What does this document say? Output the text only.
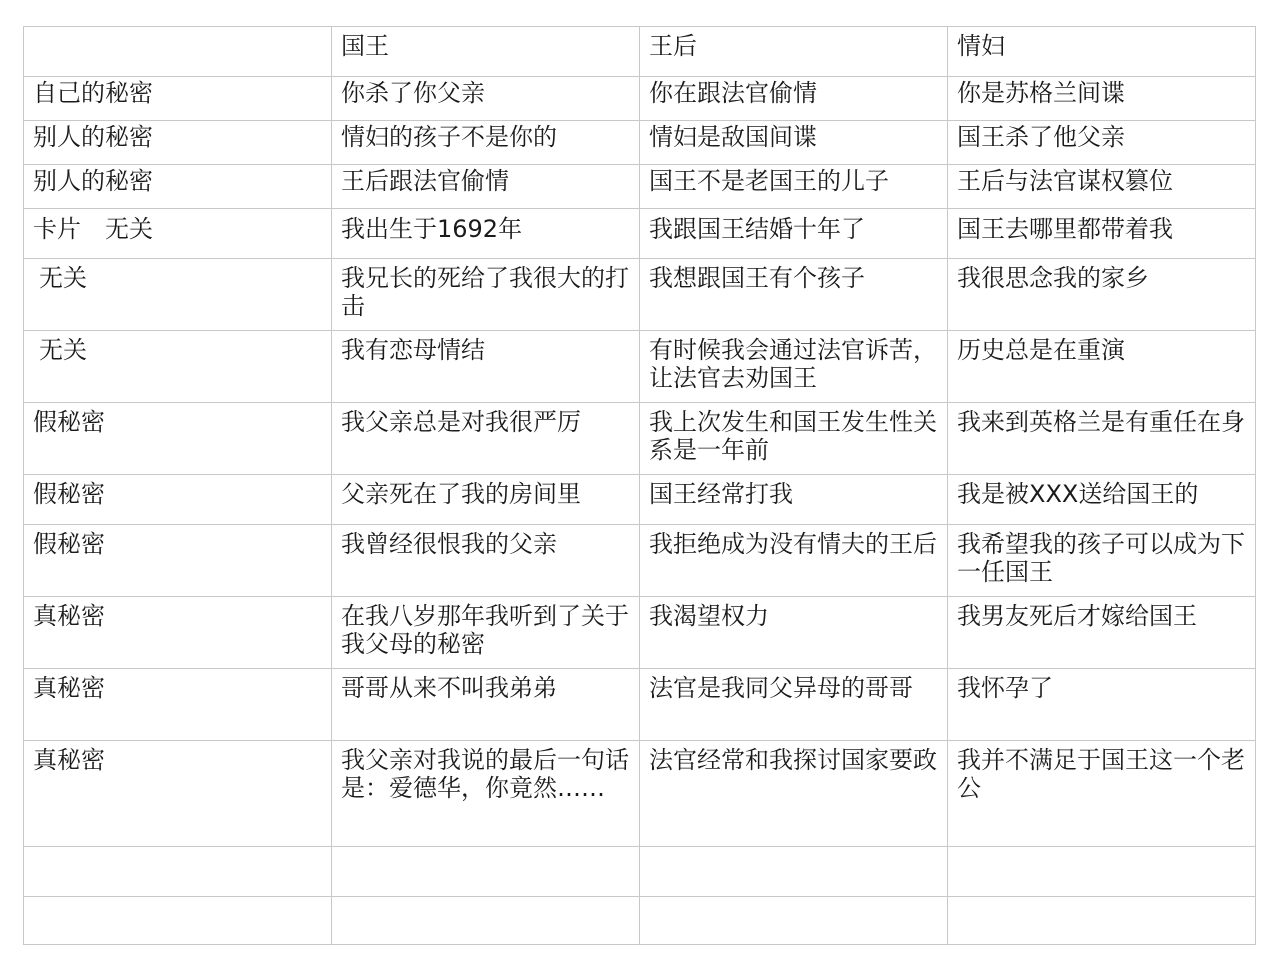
	国王	王后	情妇
自己的秘密	你杀了你父亲	你在跟法官偷情	你是苏格兰间谍
别人的秘密	情妇的孩子不是你的	情妇是敌国间谍	国王杀了他父亲
别人的秘密	王后跟法官偷情	国王不是老国王的儿子	王后与法官谋权篡位
卡片　无关	我出生于1692年	我跟国王结婚十年了	国王去哪里都带着我
无关	我兄长的死给了我很大的打击	我想跟国王有个孩子	我很思念我的家乡
无关	我有恋母情结	有时候我会通过法官诉苦，让法官去劝国王	历史总是在重演
假秘密	我父亲总是对我很严厉	我上次发生和国王发生性关系是一年前	我来到英格兰是有重任在身
假秘密	父亲死在了我的房间里	国王经常打我	我是被XXX送给国王的
假秘密	我曾经很恨我的父亲	我拒绝成为没有情夫的王后	我希望我的孩子可以成为下一任国王
真秘密	在我八岁那年我听到了关于我父母的秘密	我渴望权力	我男友死后才嫁给国王
真秘密	哥哥从来不叫我弟弟	法官是我同父异母的哥哥	我怀孕了
真秘密	我父亲对我说的最后一句话是：爱德华，你竟然……	法官经常和我探讨国家要政	我并不满足于国王这一个老公
